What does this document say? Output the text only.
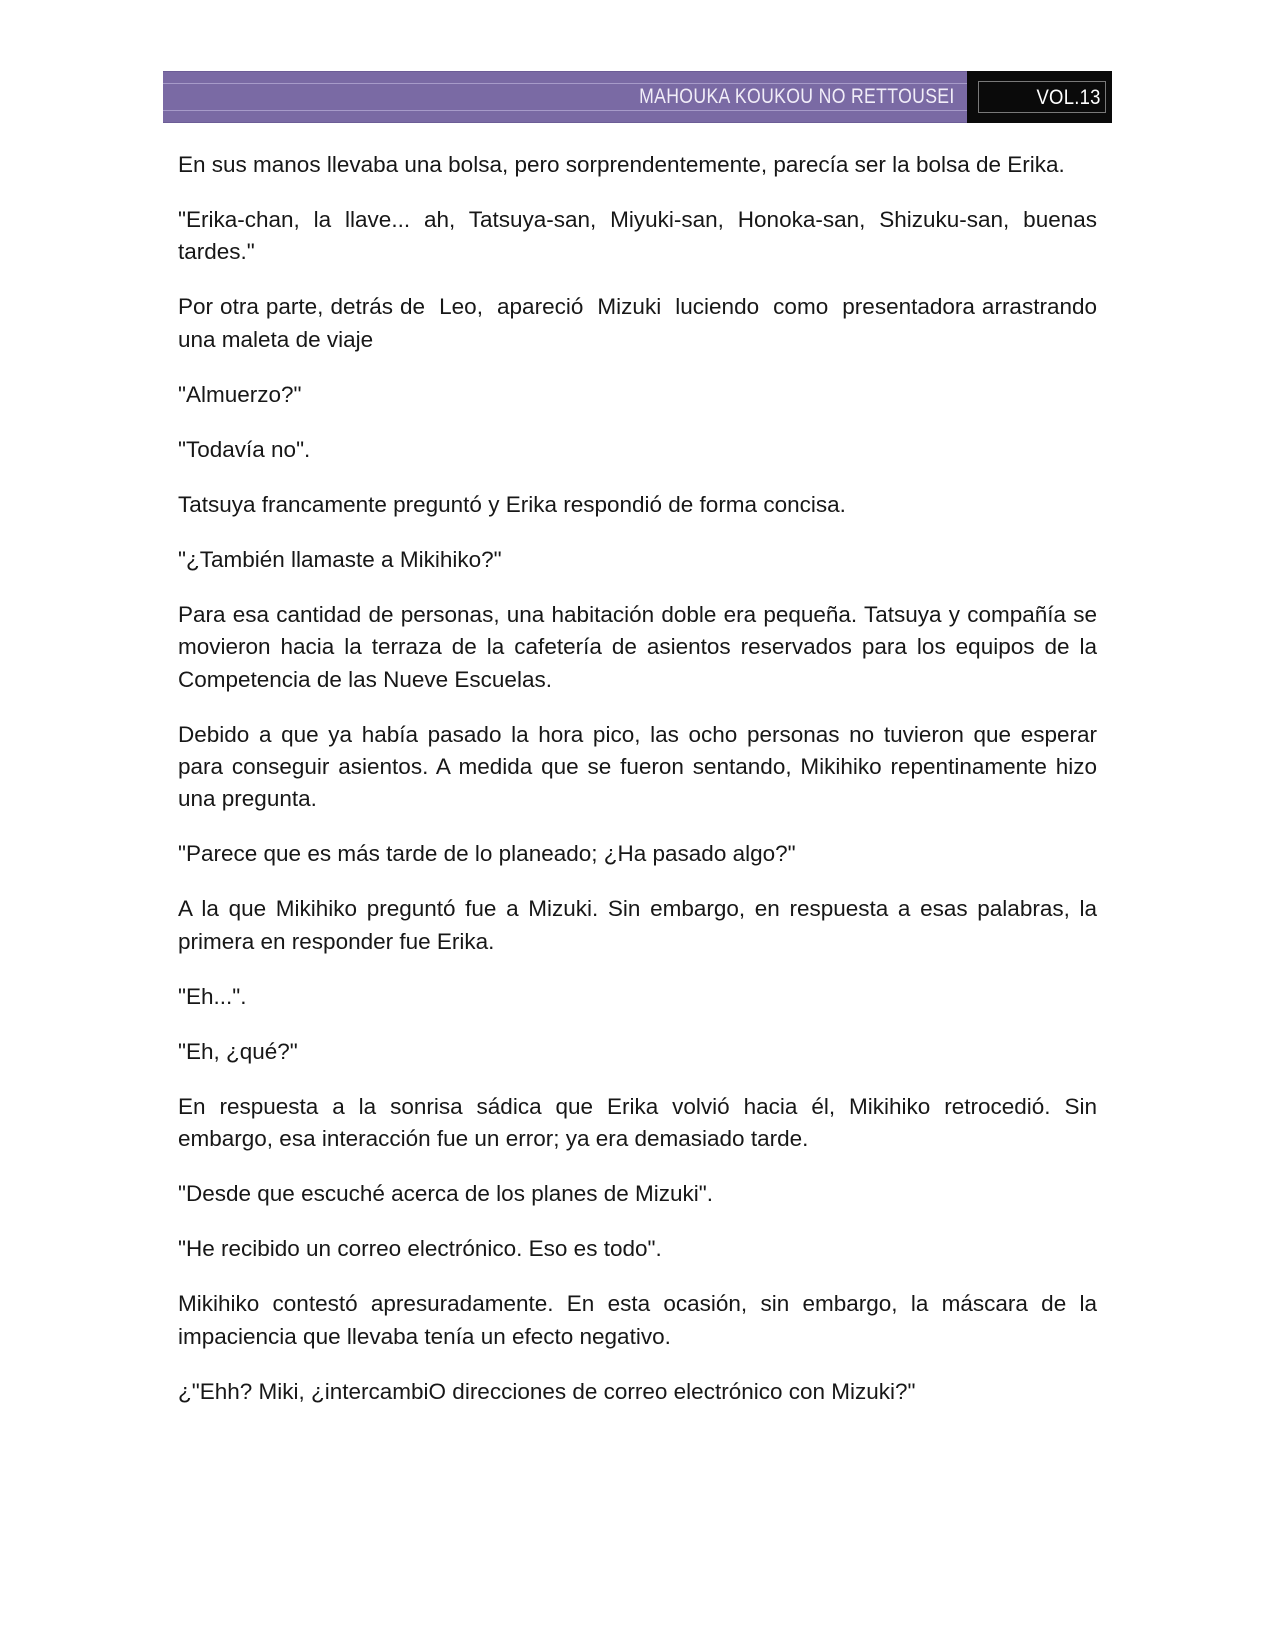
MAHOUKA KOUKOU NO RETTOUSEI	VOL.13

En sus manos llevaba una bolsa, pero sorprendentemente, parecía ser la bolsa de Erika.

"Erika-chan, la llave... ah, Tatsuya-san, Miyuki-san, Honoka-san, Shizuku-san, buenas tardes."

Por otra parte, detrás de  Leo,  apareció  Mizuki  luciendo  como  presentadora arrastrando una maleta de viaje

"Almuerzo?"

"Todavía no".

Tatsuya francamente preguntó y Erika respondió de forma concisa.

"¿También llamaste a Mikihiko?"

Para esa cantidad de personas, una habitación doble era pequeña. Tatsuya y compañía se movieron hacia la terraza de la cafetería de asientos reservados para los equipos de la Competencia de las Nueve Escuelas.

Debido a que ya había pasado la hora pico, las ocho personas no tuvieron que esperar para conseguir asientos. A medida que se fueron sentando, Mikihiko repentinamente hizo una pregunta.

"Parece que es más tarde de lo planeado; ¿Ha pasado algo?"

A la que Mikihiko preguntó fue a Mizuki. Sin embargo, en respuesta a esas palabras, la primera en responder fue Erika.

"Eh...".

"Eh, ¿qué?"

En respuesta a la sonrisa sádica que Erika volvió hacia él, Mikihiko retrocedió. Sin embargo, esa interacción fue un error; ya era demasiado tarde.

"Desde que escuché acerca de los planes de Mizuki".

"He recibido un correo electrónico. Eso es todo".

Mikihiko contestó apresuradamente. En esta ocasión, sin embargo, la máscara de la impaciencia que llevaba tenía un efecto negativo.

¿"Ehh? Miki, ¿intercambiO direcciones de correo electrónico con Mizuki?"
